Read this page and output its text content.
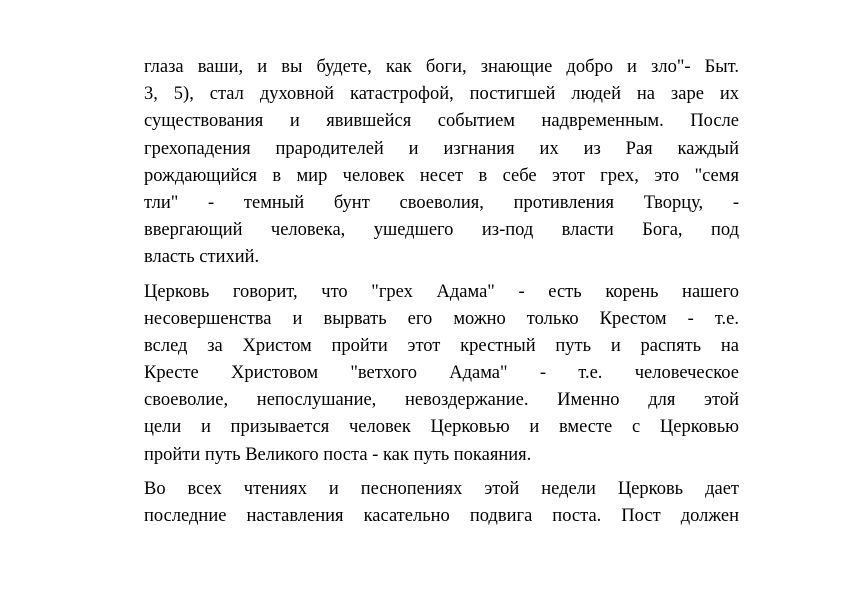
глаза ваши, и вы будете, как боги, знающие добро и зло"- Быт.
3, 5), стал духовной катастрофой, постигшей людей на заре их
существования и явившейся событием надвременным. После
грехопадения прародителей и изгнания их из Рая каждый
рождающийся в мир человек несет в себе этот грех, это "семя
тли" - темный бунт своеволия, противления Творцу, -
ввергающий человека, ушедшего из-под власти Бога, под
власть стихий.

Церковь говорит, что "грех Адама" - есть корень нашего
несовершенства и вырвать его можно только Крестом - т.е.
вслед за Христом пройти этот крестный путь и распять на
Кресте Христовом "ветхого Адама" - т.е. человеческое
своеволие, непослушание, невоздержание. Именно для этой
цели и призывается человек Церковью и вместе с Церковью
пройти путь Великого поста - как путь покаяния.

Во всех чтениях и песнопениях этой недели Церковь дает
последние наставления касательно подвига поста. Пост должен
